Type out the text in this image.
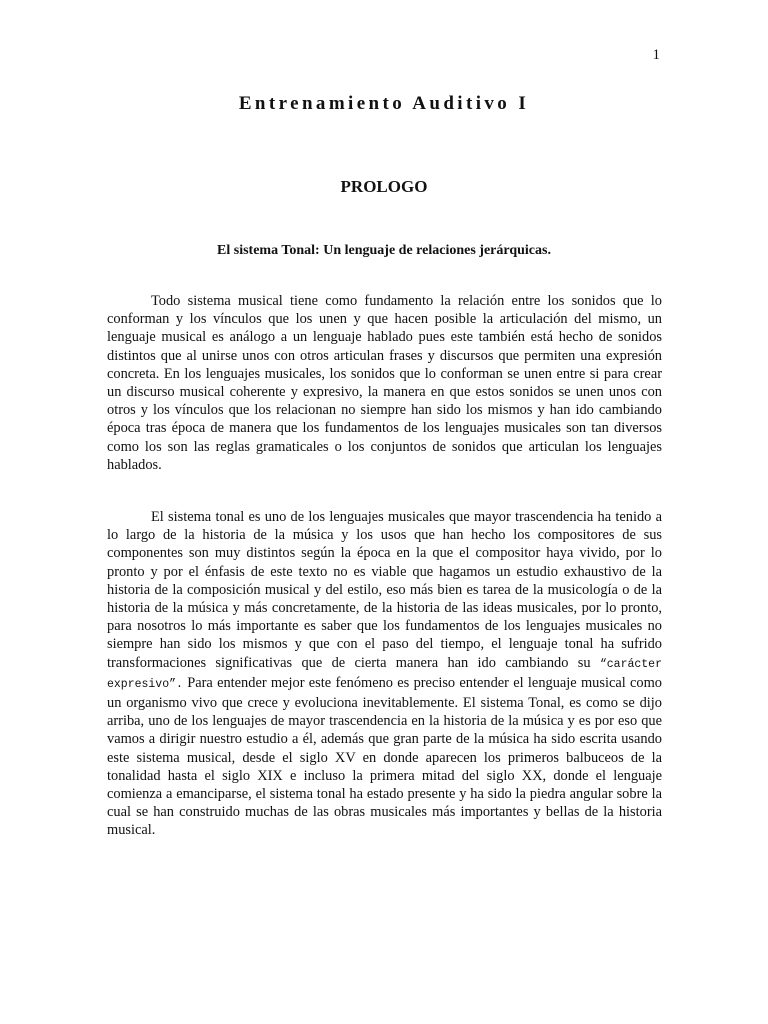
1
Entrenamiento Auditivo I
PROLOGO
El sistema Tonal: Un lenguaje de relaciones jerárquicas.

Todo sistema musical tiene como fundamento la relación entre los sonidos que lo conforman y los vínculos que los unen y que hacen posible la articulación del mismo, un lenguaje musical es análogo a un lenguaje hablado pues este también está hecho de sonidos distintos que al unirse unos con otros articulan frases y discursos que permiten una expresión concreta. En los lenguajes musicales, los sonidos que lo conforman se unen entre si para crear un discurso musical coherente y expresivo, la manera en que estos sonidos se unen unos con otros y los vínculos que los relacionan no siempre han sido los mismos y han ido cambiando época tras época de manera que los fundamentos de los lenguajes musicales son tan diversos como los son las reglas gramaticales o los conjuntos de sonidos que articulan los lenguajes hablados.

El sistema tonal es uno de los lenguajes musicales que mayor trascendencia ha tenido a lo largo de la historia de la música y los usos que han hecho los compositores de sus componentes son muy distintos según la época en la que el compositor haya vivido, por lo pronto y por el énfasis de este texto no es viable que hagamos un estudio exhaustivo de la historia de la composición musical y del estilo, eso más bien es tarea de la musicología o de la historia de la música y más concretamente, de la historia de las ideas musicales, por lo pronto, para nosotros lo más importante es saber que los fundamentos de los lenguajes musicales no siempre han sido los mismos y que con el paso del tiempo, el lenguaje tonal ha sufrido transformaciones significativas que de cierta manera han ido cambiando su “carácter expresivo”. Para entender mejor este fenómeno es preciso entender el lenguaje musical como un organismo vivo que crece y evoluciona inevitablemente. El sistema Tonal, es como se dijo arriba, uno de los lenguajes de mayor trascendencia en la historia de la música y es por eso que vamos a dirigir nuestro estudio a él, además que gran parte de la música ha sido escrita usando este sistema musical, desde el siglo XV en donde aparecen los primeros balbuceos de la tonalidad hasta el siglo XIX e incluso la primera mitad del siglo XX, donde el lenguaje comienza a emanciparse, el sistema tonal ha estado presente y ha sido la piedra angular sobre la cual se han construido muchas de las obras musicales más importantes y bellas de la historia musical.
